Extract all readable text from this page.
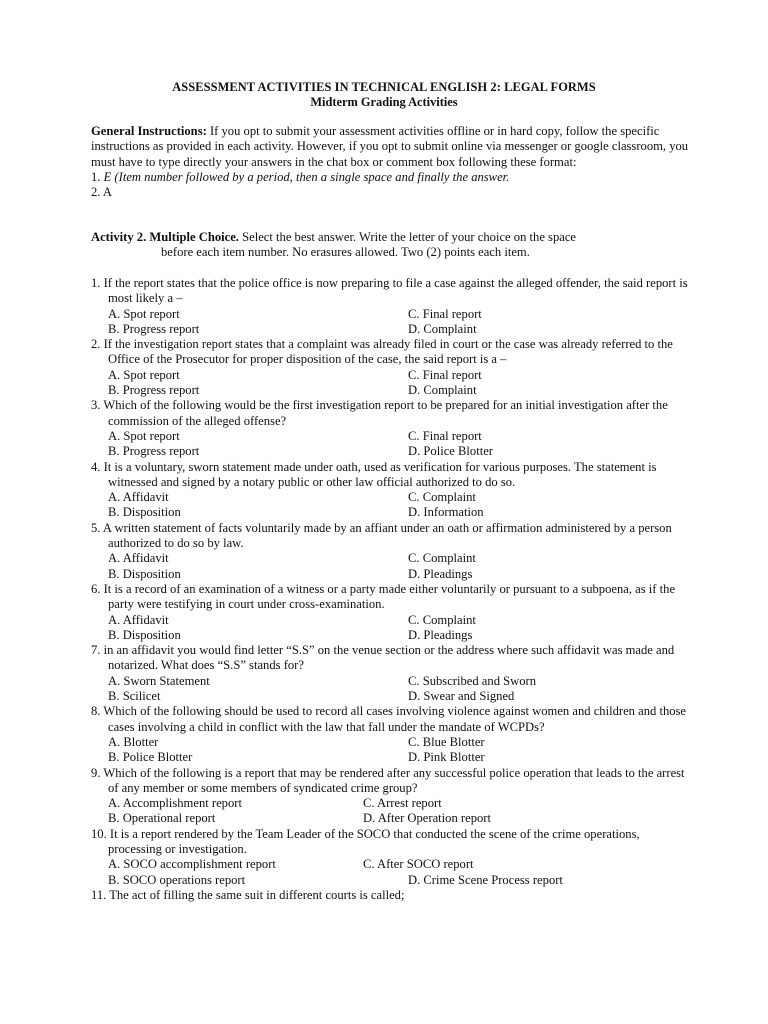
ASSESSMENT ACTIVITIES IN TECHNICAL ENGLISH 2: LEGAL FORMS
Midterm Grading Activities

General Instructions: If you opt to submit your assessment activities offline or in hard copy, follow the specific instructions as provided in each activity. However, if you opt to submit online via messenger or google classroom, you must have to type directly your answers in the chat box or comment box following these format:

1. E (Item number followed by a period, then a single space and finally the answer.

2. A

Activity 2. Multiple Choice. Select the best answer. Write the letter of your choice on the space

before each item number. No erasures allowed. Two (2) points each item.

1. If the report states that the police office is now preparing to file a case against the alleged offender, the said report is most likely a –
A. Spot report	C. Final report
B. Progress report	D. Complaint
2. If the investigation report states that a complaint was already filed in court or the case was already referred to the Office of the Prosecutor for proper disposition of the case, the said report is a –
A. Spot report	C. Final report
B. Progress report	D. Complaint
3. Which of the following would be the first investigation report to be prepared for an initial investigation after the commission of the alleged offense?
A. Spot report	C. Final report
B. Progress report	D. Police Blotter
4. It is a voluntary, sworn statement made under oath, used as verification for various purposes. The statement is witnessed and signed by a notary public or other law official authorized to do so.
A. Affidavit	C. Complaint
B. Disposition	D. Information
5. A written statement of facts voluntarily made by an affiant under an oath or affirmation administered by a person authorized to do so by law.
A. Affidavit	C. Complaint
B. Disposition	D. Pleadings
6. It is a record of an examination of a witness or a party made either voluntarily or pursuant to a subpoena, as if the party were testifying in court under cross-examination.
A. Affidavit	C. Complaint
B. Disposition	D. Pleadings
7. in an affidavit you would find letter “S.S” on the venue section or the address where such affidavit was made and notarized. What does “S.S” stands for?
A. Sworn Statement	C. Subscribed and Sworn
B. Scilicet	D. Swear and Signed
8. Which of the following should be used to record all cases involving violence against women and children and those cases involving a child in conflict with the law that fall under the mandate of WCPDs?
A. Blotter	C. Blue Blotter
B. Police Blotter	D. Pink Blotter
9. Which of the following is a report that may be rendered after any successful police operation that leads to the arrest of any member or some members of syndicated crime group?
A. Accomplishment report	C. Arrest report
B. Operational report	D. After Operation report
10. It is a report rendered by the Team Leader of the SOCO that conducted the scene of the crime operations, processing or investigation.
A. SOCO accomplishment report	C. After SOCO report
B. SOCO operations report	D. Crime Scene Process report
11. The act of filling the same suit in different courts is called;
